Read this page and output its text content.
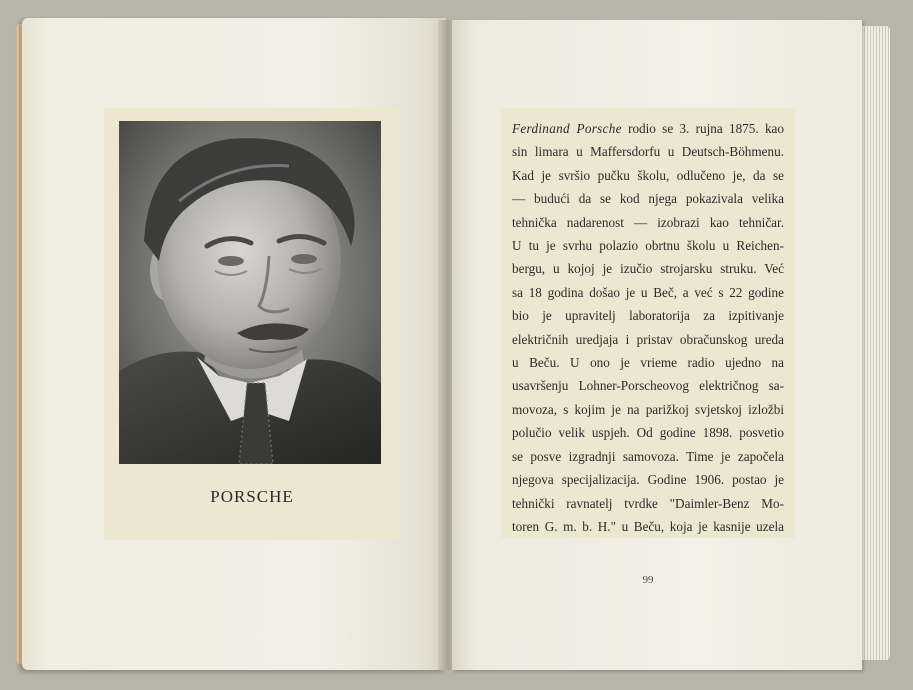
PORSCHE
Ferdinand Porsche rodio se 3. rujna 1875. kao
sin limara u Maffersdorfu u Deutsch-Böhmenu.
Kad je svršio pučku školu, odlučeno je, da se
— budući da se kod njega pokazivala velika
tehnička nadarenost — izobrazi kao tehničar.
U tu je svrhu polazio obrtnu školu u Reichen-
bergu, u kojoj je izučio strojarsku struku. Već
sa 18 godina došao je u Beč, a već s 22 godine
bio je upravitelj laboratorija za izpitivanje
električnih uredjaja i pristav obračunskog ureda
u Beču. U ono je vrieme radio ujedno na
usavršenju Lohner-Porscheovog električnog sa-
movoza, s kojim je na parižkoj svjetskoj izložbi
polučio velik uspjeh. Od godine 1898. posvetio
se posve izgradnji samovoza. Time je započela
njegova specijalizacija. Godine 1906. postao je
tehnički ravnatelj tvrdke "Daimler-Benz Mo-
toren G. m. b. H." u Beču, koja je kasnije uzela
99
